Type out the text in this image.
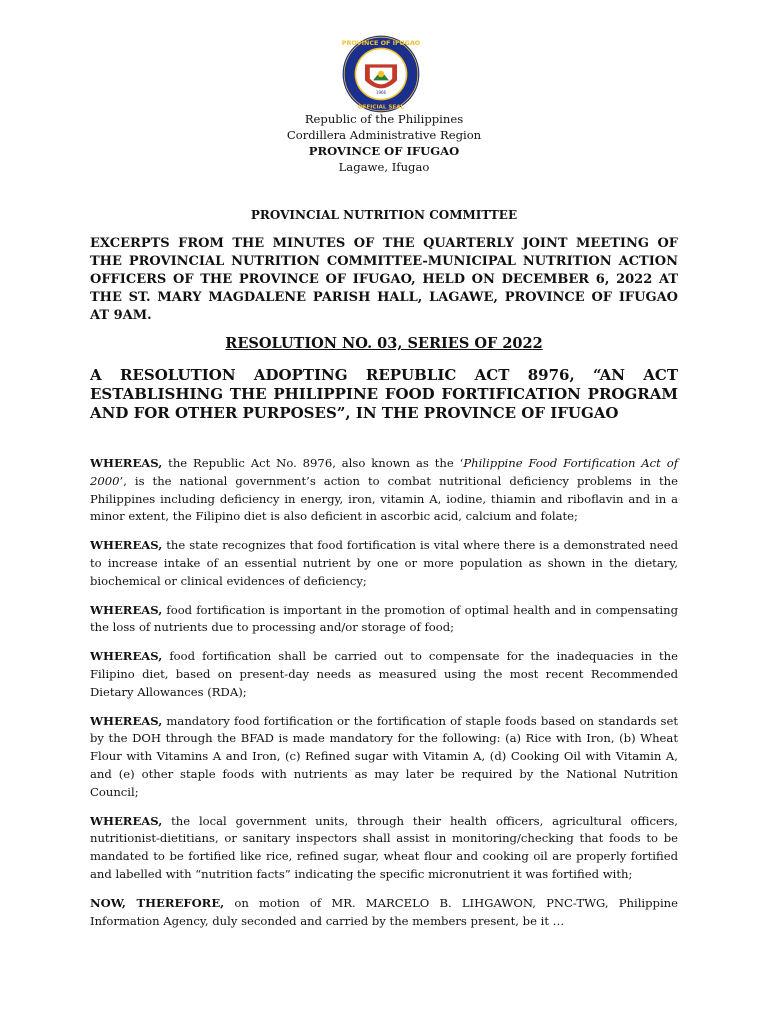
1966
PROVINCE OF IFUGAO
OFFICIAL SEAL
Republic of the Philippines
Cordillera Administrative Region
PROVINCE OF IFUGAO
Lagawe, Ifugao
PROVINCIAL NUTRITION COMMITTEE
EXCERPTS FROM THE MINUTES OF THE QUARTERLY JOINT MEETING OF THE PROVINCIAL NUTRITION COMMITTEE-MUNICIPAL NUTRITION ACTION OFFICERS OF THE PROVINCE OF IFUGAO, HELD ON DECEMBER 6, 2022 AT THE ST. MARY MAGDALENE PARISH HALL, LAGAWE, PROVINCE OF IFUGAO AT 9AM.
RESOLUTION NO. 03, SERIES OF 2022
A RESOLUTION ADOPTING REPUBLIC ACT 8976, “AN ACT ESTABLISHING THE PHILIPPINE FOOD FORTIFICATION PROGRAM AND FOR OTHER PURPOSES”, IN THE PROVINCE OF IFUGAO

WHEREAS, the Republic Act No. 8976, also known as the ‘Philippine Food Fortification Act of 2000’, is the national government’s action to combat nutritional deficiency problems in the Philippines including deficiency in energy, iron, vitamin A, iodine, thiamin and riboflavin and in a minor extent, the Filipino diet is also deficient in ascorbic acid, calcium and folate;

WHEREAS, the state recognizes that food fortification is vital where there is a demonstrated need to increase intake of an essential nutrient by one or more population as shown in the dietary, biochemical or clinical evidences of deficiency;

WHEREAS, food fortification is important in the promotion of optimal health and in compensating the loss of nutrients due to processing and/or storage of food;

WHEREAS, food fortification shall be carried out to compensate for the inadequacies in the Filipino diet, based on present-day needs as measured using the most recent Recommended Dietary Allowances (RDA);

WHEREAS, mandatory food fortification or the fortification of staple foods based on standards set by the DOH through the BFAD is made mandatory for the following: (a) Rice with Iron, (b) Wheat Flour with Vitamins A and Iron, (c) Refined sugar with Vitamin A, (d) Cooking Oil with Vitamin A, and (e) other staple foods with nutrients as may later be required by the National Nutrition Council;

WHEREAS, the local government units, through their health officers, agricultural officers, nutritionist-dietitians, or sanitary inspectors shall assist in monitoring/checking that foods to be mandated to be fortified like rice, refined sugar, wheat flour and cooking oil are properly fortified and labelled with “nutrition facts” indicating the specific micronutrient it was fortified with;

NOW, THEREFORE, on motion of MR. MARCELO B. LIHGAWON, PNC-TWG, Philippine Information Agency, duly seconded and carried by the members present, be it …
